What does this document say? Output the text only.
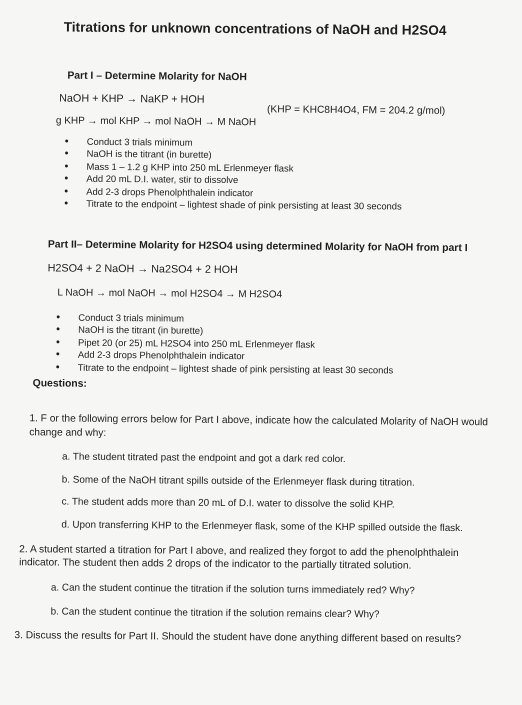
Titrations for unknown concentrations of NaOH and H2SO4
Part I – Determine Molarity for NaOH
NaOH + KHP → NaKP + HOH
(KHP = KHC8H4O4, FM = 204.2 g/mol)
g KHP → mol KHP → mol NaOH → M NaOH
• Conduct 3 trials minimum
• NaOH is the titrant (in burette)
• Mass 1 – 1.2 g KHP into 250 mL Erlenmeyer flask
• Add 20 mL D.I. water, stir to dissolve
• Add 2-3 drops Phenolphthalein indicator
• Titrate to the endpoint – lightest shade of pink persisting at least 30 seconds
Part II– Determine Molarity for H2SO4 using determined Molarity for NaOH from part I
H2SO4 + 2 NaOH → Na2SO4 + 2 HOH
L NaOH → mol NaOH → mol H2SO4 → M H2SO4
• Conduct 3 trials minimum
• NaOH is the titrant (in burette)
• Pipet 20 (or 25) mL H2SO4 into 250 mL Erlenmeyer flask
• Add 2-3 drops Phenolphthalein indicator
• Titrate to the endpoint – lightest shade of pink persisting at least 30 seconds
Questions:
1. F or the following errors below for Part I above, indicate how the calculated Molarity of NaOH would
change and why:
a. The student titrated past the endpoint and got a dark red color.
b. Some of the NaOH titrant spills outside of the Erlenmeyer flask during titration.
c. The student adds more than 20 mL of D.I. water to dissolve the solid KHP.
d. Upon transferring KHP to the Erlenmeyer flask, some of the KHP spilled outside the flask.
2. A student started a titration for Part I above, and realized they forgot to add the phenolphthalein
indicator. The student then adds 2 drops of the indicator to the partially titrated solution.
a. Can the student continue the titration if the solution turns immediately red? Why?
b. Can the student continue the titration if the solution remains clear? Why?
3. Discuss the results for Part II. Should the student have done anything different based on results?
